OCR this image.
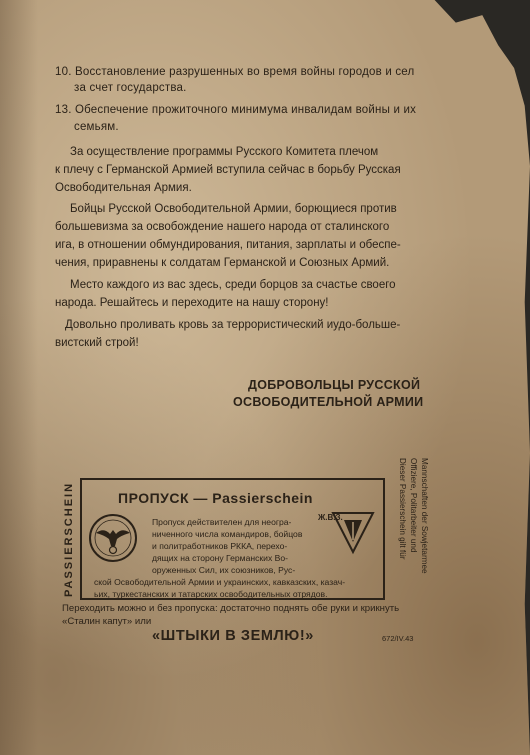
10. Восстановление разрушенных во время войны городов и сел
за счет государства.
13. Обеспечение прожиточного минимума инвалидам войны и их
семьям.
За осуществление программы Русского Комитета плечом
к плечу с Германской Армией вступила сейчас в борьбу Русская
Освободительная Армия.
Бойцы Русской Освободительной Армии, борющиеся против
большевизма за освобождение нашего народа от сталинского
ига, в отношении обмундирования, питания, зарплаты и обеспе-
чения, приравнены к солдатам Германской и Союзных Армий.
Место каждого из вас здесь, среди борцов за счастье своего
народа. Решайтесь и переходите на нашу сторону!
Довольно проливать кровь за террористический иудо-больше-
вистский строй!
ДОБРОВОЛЬЦЫ РУССКОЙ
ОСВОБОДИТЕЛЬНОЙ АРМИИ
PASSIERSCHEIN	ПРОПУСК — Passierschein
Ж.В.З.
Пропуск действителен для неогра-
ниченного числа командиров, бойцов
и политработников РККА, перехо-
дящих на сторону Германских Во-
оруженных Сил, их союзников, Рус-
ской Освободительной Армии и украинских, кавказских, казач-
ьих, туркестанских и татарских освободительных отрядов.
Dieser Passierschein gilt für Offiziere, Politarbeiter und Mannschaften der Sowjetarmee
Переходить можно и без пропуска: достаточно поднять обе руки и крикнуть
«Сталин капут» или
«ШТЫКИ В ЗЕМЛЮ!»	672/IV.43
